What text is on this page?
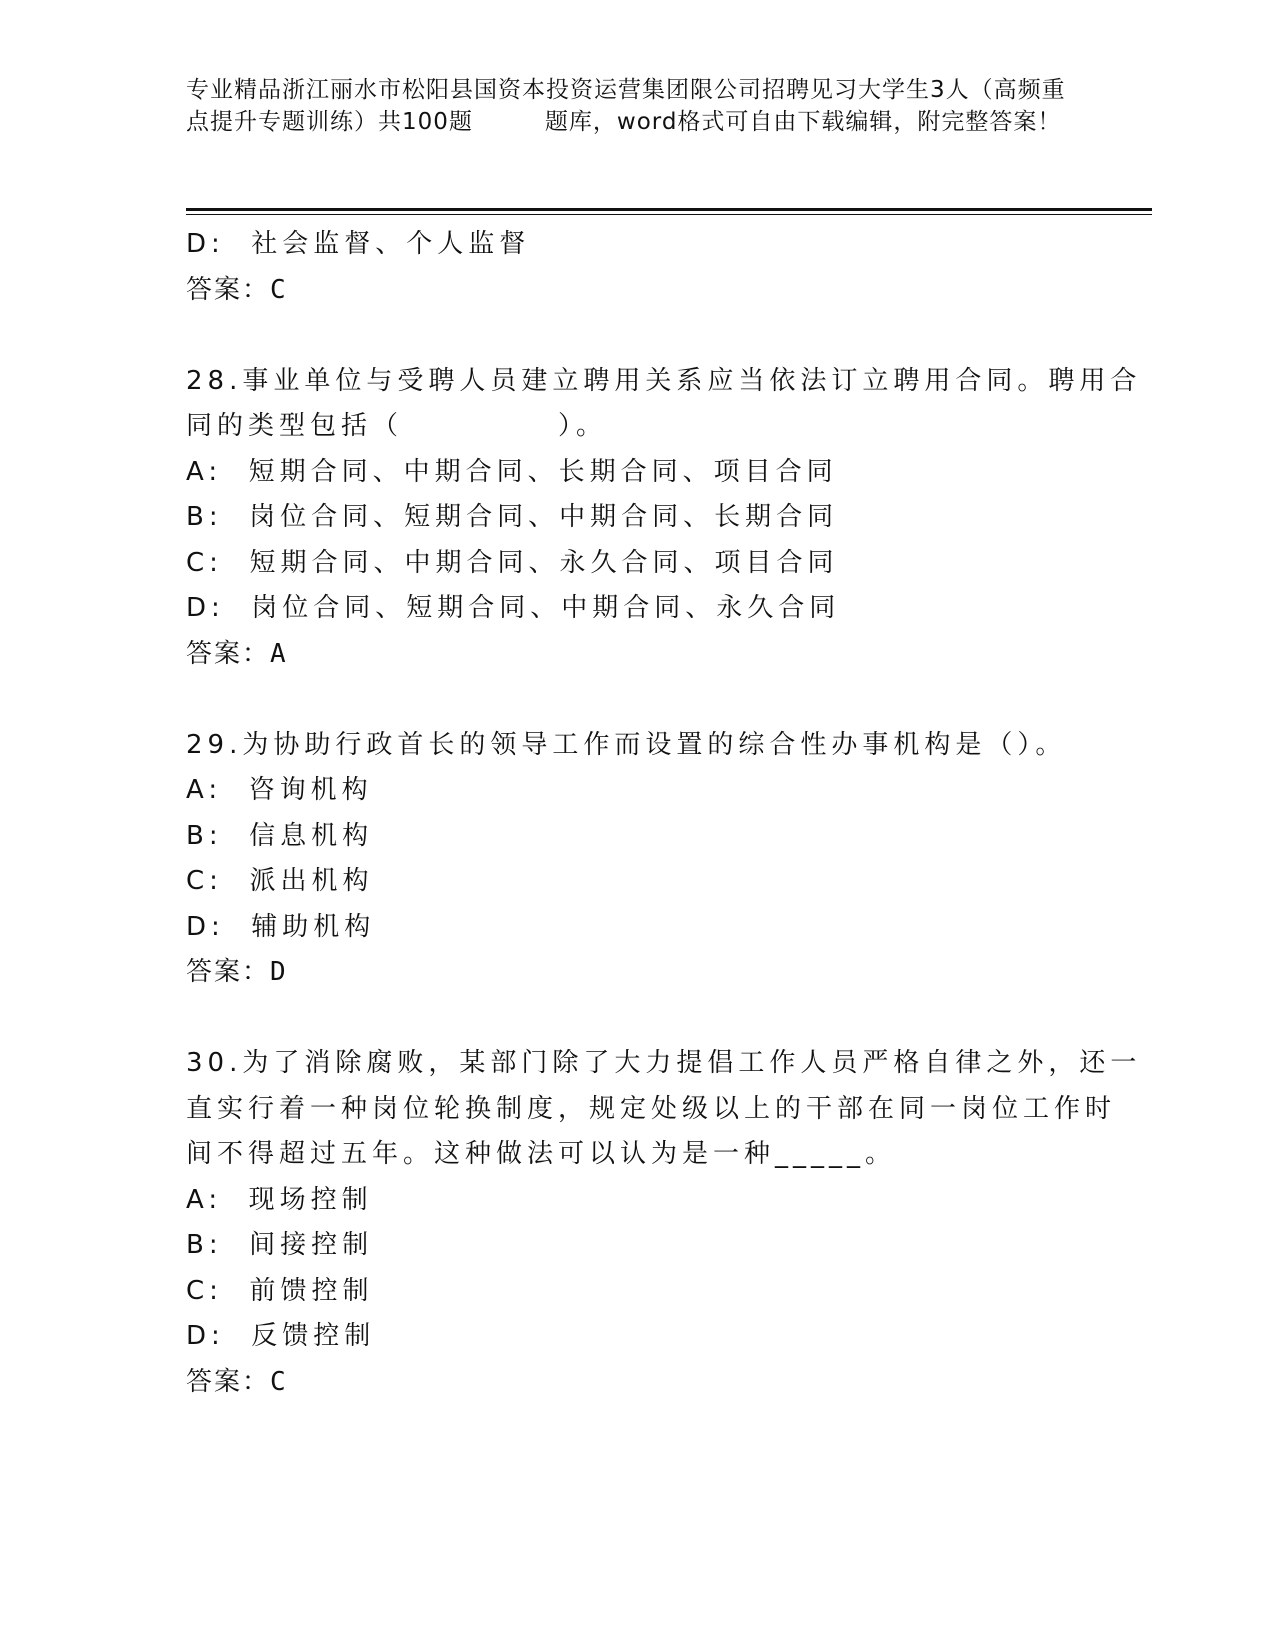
专业精品浙江丽水市松阳县国资本投资运营集团限公司招聘见习大学生3人（高频重点提升专题训练）共100题　　　题库，word格式可自由下载编辑，附完整答案！
D:  社会监督、个人监督
答案：C
28.事业单位与受聘人员建立聘用关系应当依法订立聘用合同。聘用合
同的类型包括（　　　　　）。
A:  短期合同、中期合同、长期合同、项目合同
B:  岗位合同、短期合同、中期合同、长期合同
C:  短期合同、中期合同、永久合同、项目合同
D:  岗位合同、短期合同、中期合同、永久合同
答案：A
29.为协助行政首长的领导工作而设置的综合性办事机构是（）。
A:  咨询机构
B:  信息机构
C:  派出机构
D:  辅助机构
答案：D
30.为了消除腐败，某部门除了大力提倡工作人员严格自律之外，还一
直实行着一种岗位轮换制度，规定处级以上的干部在同一岗位工作时
间不得超过五年。这种做法可以认为是一种_____。
A:  现场控制
B:  间接控制
C:  前馈控制
D:  反馈控制
答案：C
